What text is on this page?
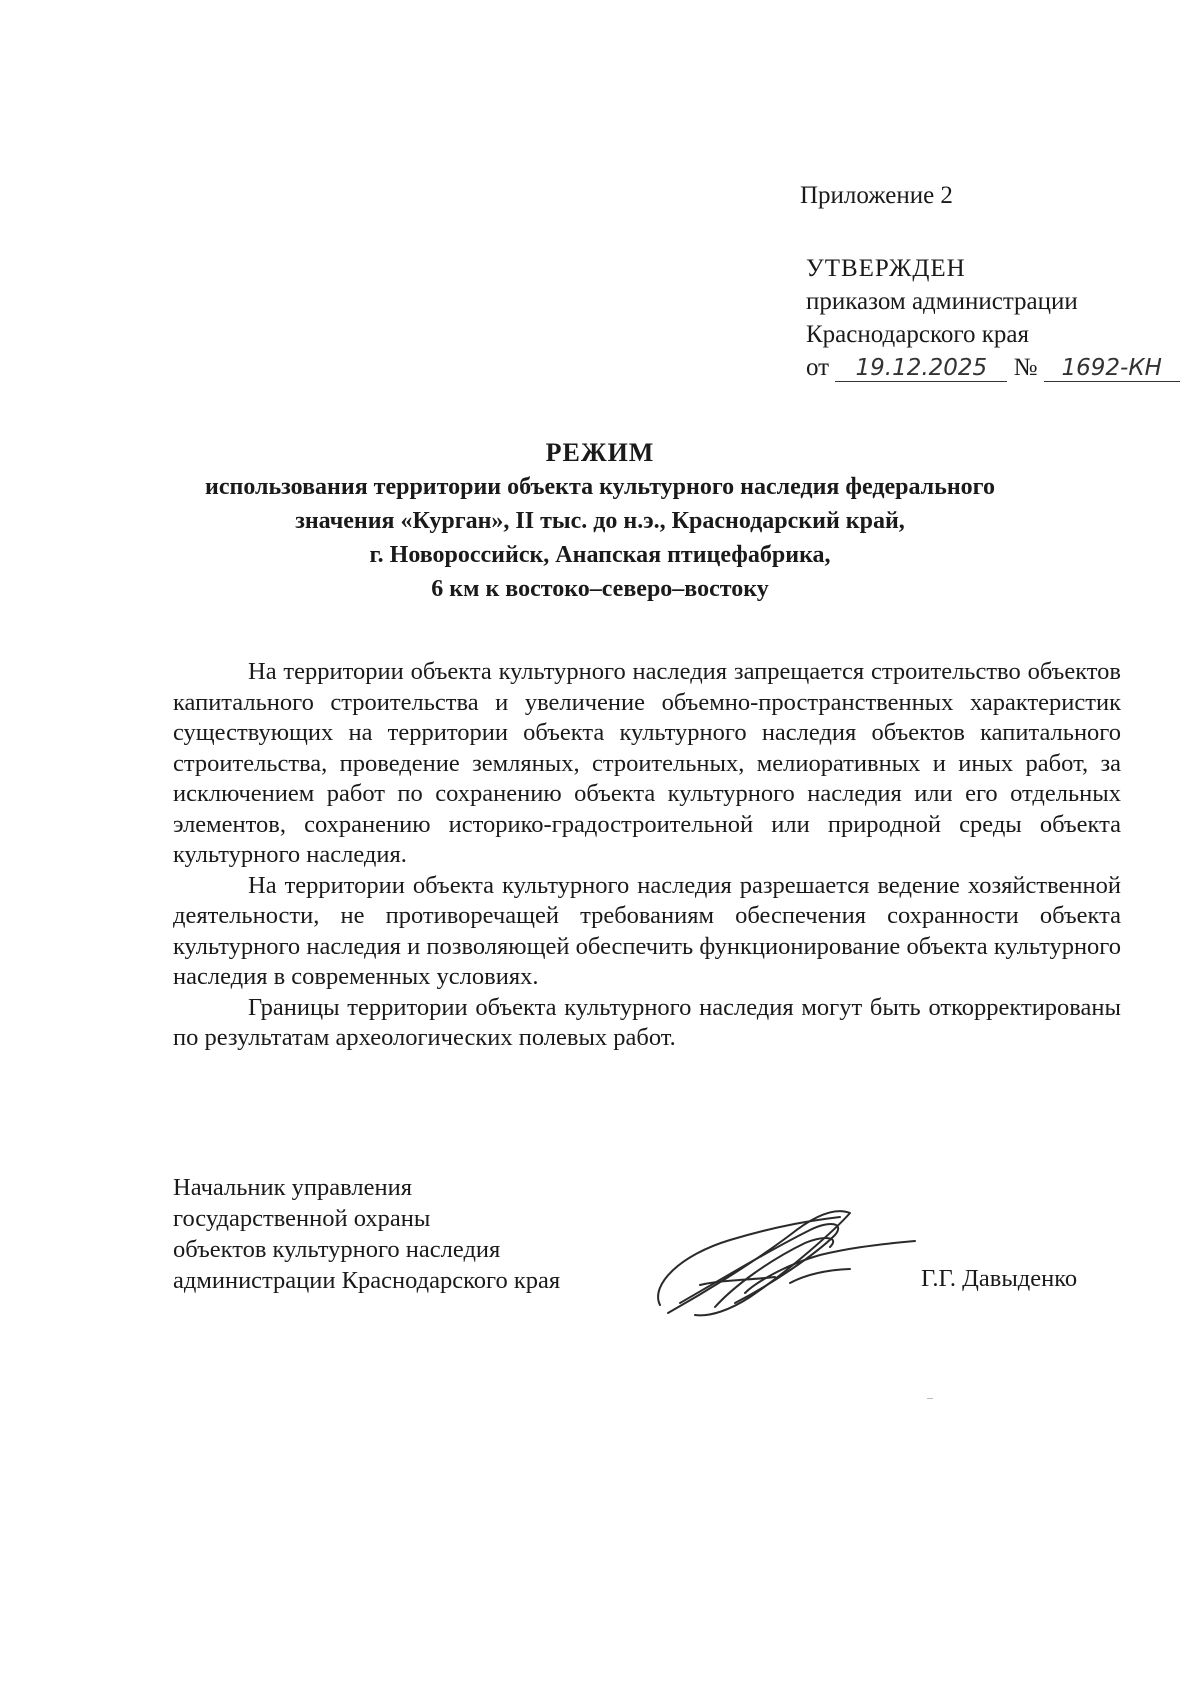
Приложение 2
УТВЕРЖДЕН
приказом администрации
Краснодарского края
от 19.12.2025 № 1692-КН
РЕЖИМ
использования территории объекта культурного наследия федерального
значения «Курган», II тыс. до н.э., Краснодарский край,
г. Новороссийск, Анапская птицефабрика,
6 км к востоко–северо–востоку

На территории объекта культурного наследия запрещается строительство объектов капитального строительства и увеличение объемно-пространственных характеристик существующих на территории объекта культурного наследия объектов капитального строительства, проведение земляных, строительных, мелиоративных и иных работ, за исключением работ по сохранению объекта культурного наследия или его отдельных элементов, сохранению историко-градостроительной или природной среды объекта культурного наследия.

На территории объекта культурного наследия разрешается ведение хозяйственной деятельности, не противоречащей требованиям обеспечения сохранности объекта культурного наследия и позволяющей обеспечить функционирование объекта культурного наследия в современных условиях.

Границы территории объекта культурного наследия могут быть откорректированы по результатам археологических полевых работ.

Начальник управления
государственной охраны
объектов культурного наследия
администрации Краснодарского края	Г.Г. Давыденко
